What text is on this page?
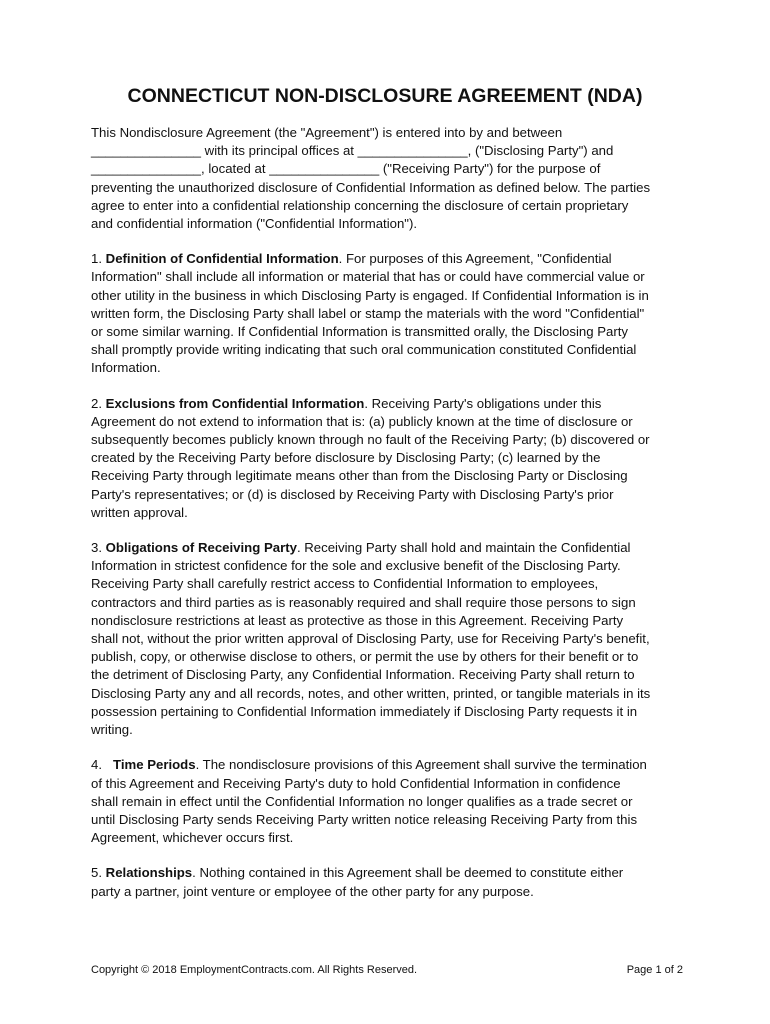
CONNECTICUT NON-DISCLOSURE AGREEMENT (NDA)

This Nondisclosure Agreement (the "Agreement") is entered into by and between
_______________ with its principal offices at _______________, ("Disclosing Party") and
_______________, located at _______________ ("Receiving Party") for the purpose of
preventing the unauthorized disclosure of Confidential Information as defined below. The parties
agree to enter into a confidential relationship concerning the disclosure of certain proprietary
and confidential information ("Confidential Information").

1. Definition of Confidential Information. For purposes of this Agreement, "Confidential
Information" shall include all information or material that has or could have commercial value or
other utility in the business in which Disclosing Party is engaged. If Confidential Information is in
written form, the Disclosing Party shall label or stamp the materials with the word "Confidential"
or some similar warning. If Confidential Information is transmitted orally, the Disclosing Party
shall promptly provide writing indicating that such oral communication constituted Confidential
Information.

2. Exclusions from Confidential Information. Receiving Party's obligations under this
Agreement do not extend to information that is: (a) publicly known at the time of disclosure or
subsequently becomes publicly known through no fault of the Receiving Party; (b) discovered or
created by the Receiving Party before disclosure by Disclosing Party; (c) learned by the
Receiving Party through legitimate means other than from the Disclosing Party or Disclosing
Party's representatives; or (d) is disclosed by Receiving Party with Disclosing Party's prior
written approval.

3. Obligations of Receiving Party. Receiving Party shall hold and maintain the Confidential
Information in strictest confidence for the sole and exclusive benefit of the Disclosing Party.
Receiving Party shall carefully restrict access to Confidential Information to employees,
contractors and third parties as is reasonably required and shall require those persons to sign
nondisclosure restrictions at least as protective as those in this Agreement. Receiving Party
shall not, without the prior written approval of Disclosing Party, use for Receiving Party's benefit,
publish, copy, or otherwise disclose to others, or permit the use by others for their benefit or to
the detriment of Disclosing Party, any Confidential Information. Receiving Party shall return to
Disclosing Party any and all records, notes, and other written, printed, or tangible materials in its
possession pertaining to Confidential Information immediately if Disclosing Party requests it in
writing.

4.   Time Periods. The nondisclosure provisions of this Agreement shall survive the termination
of this Agreement and Receiving Party's duty to hold Confidential Information in confidence
shall remain in effect until the Confidential Information no longer qualifies as a trade secret or
until Disclosing Party sends Receiving Party written notice releasing Receiving Party from this
Agreement, whichever occurs first.

5. Relationships. Nothing contained in this Agreement shall be deemed to constitute either
party a partner, joint venture or employee of the other party for any purpose.

Copyright © 2018 EmploymentContracts.com. All Rights Reserved.	Page 1 of 2
